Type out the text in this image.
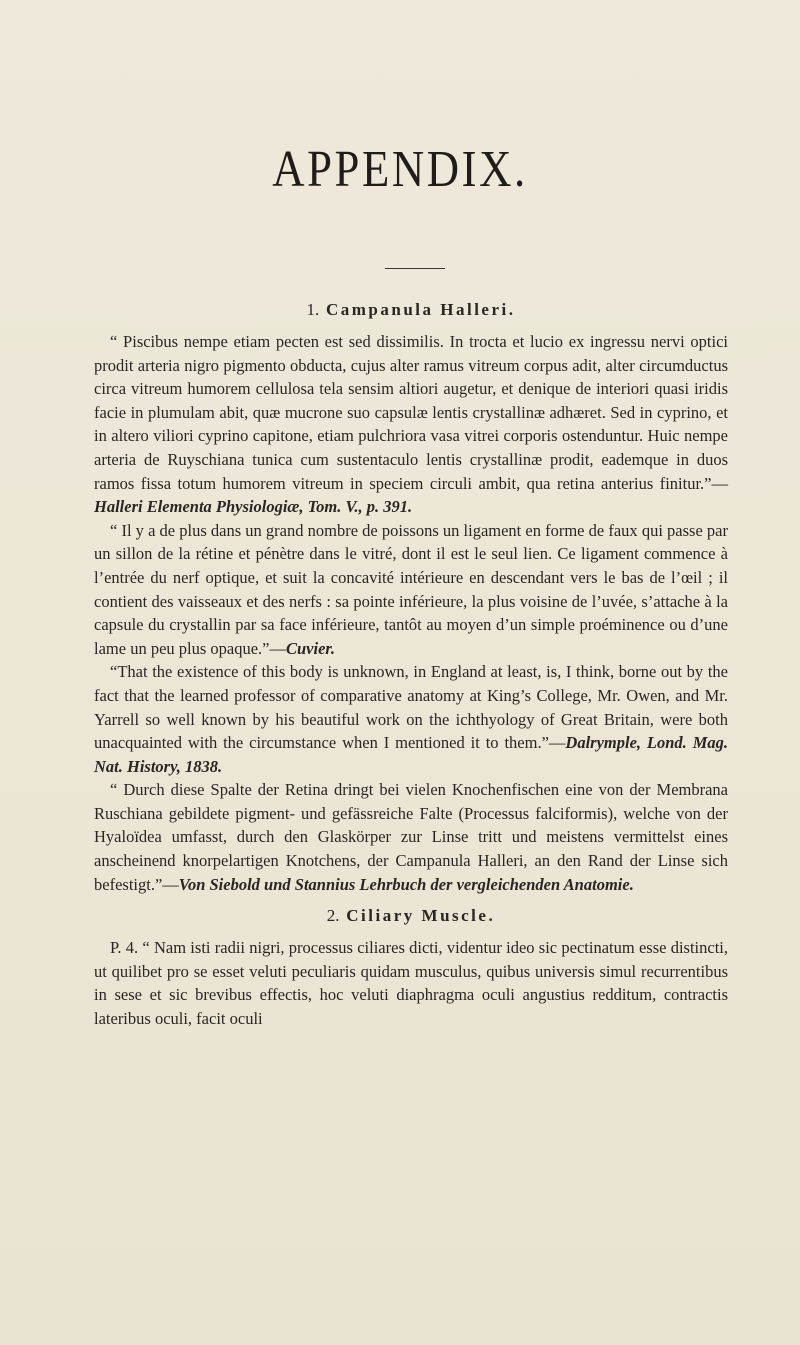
APPENDIX.
1. Campanula Halleri.

“ Piscibus nempe etiam pecten est sed dissimilis. In trocta et lucio ex ingressu nervi optici prodit arteria nigro pigmento obducta, cujus alter ramus vitreum corpus adit, alter circumductus circa vitreum humorem cellulosa tela sensim altiori augetur, et denique de interiori quasi iridis facie in plumulam abit, quæ mucrone suo capsulæ lentis crystallinæ adhæret. Sed in cyprino, et in altero viliori cyprino capitone, etiam pulchriora vasa vitrei corporis ostenduntur. Huic nempe arteria de Ruyschiana tunica cum sustentaculo lentis crystallinæ prodit, eademque in duos ramos fissa totum humorem vitreum in speciem circuli ambit, qua retina anterius finitur.”—Halleri Elementa Physiologiæ, Tom. V., p. 391.

“ Il y a de plus dans un grand nombre de poissons un ligament en forme de faux qui passe par un sillon de la rétine et pénètre dans le vitré, dont il est le seul lien. Ce ligament commence à l’entrée du nerf optique, et suit la concavité intérieure en descendant vers le bas de l’œil ; il contient des vaisseaux et des nerfs : sa pointe inférieure, la plus voisine de l’uvée, s’attache à la capsule du crystallin par sa face inférieure, tantôt au moyen d’un simple proéminence ou d’une lame un peu plus opaque.”—Cuvier.

“That the existence of this body is unknown, in England at least, is, I think, borne out by the fact that the learned professor of comparative anatomy at King’s College, Mr. Owen, and Mr. Yarrell so well known by his beautiful work on the ichthyology of Great Britain, were both unacquainted with the circumstance when I mentioned it to them.”—Dalrymple, Lond. Mag. Nat. History, 1838.

“ Durch diese Spalte der Retina dringt bei vielen Knochenfischen eine von der Membrana Ruschiana gebildete pigment- und gefässreiche Falte (Processus falciformis), welche von der Hyaloïdea umfasst, durch den Glaskörper zur Linse tritt und meistens vermittelst eines anscheinend knorpelartigen Knotchens, der Campanula Halleri, an den Rand der Linse sich befestigt.”—Von Siebold und Stannius Lehrbuch der vergleichenden Anatomie.

2. Ciliary Muscle.

P. 4. “ Nam isti radii nigri, processus ciliares dicti, videntur ideo sic pectinatum esse distincti, ut quilibet pro se esset veluti peculiaris quidam musculus, quibus universis simul recurrentibus in sese et sic brevibus effectis, hoc veluti diaphragma oculi angustius redditum, contractis lateribus oculi, facit oculi
